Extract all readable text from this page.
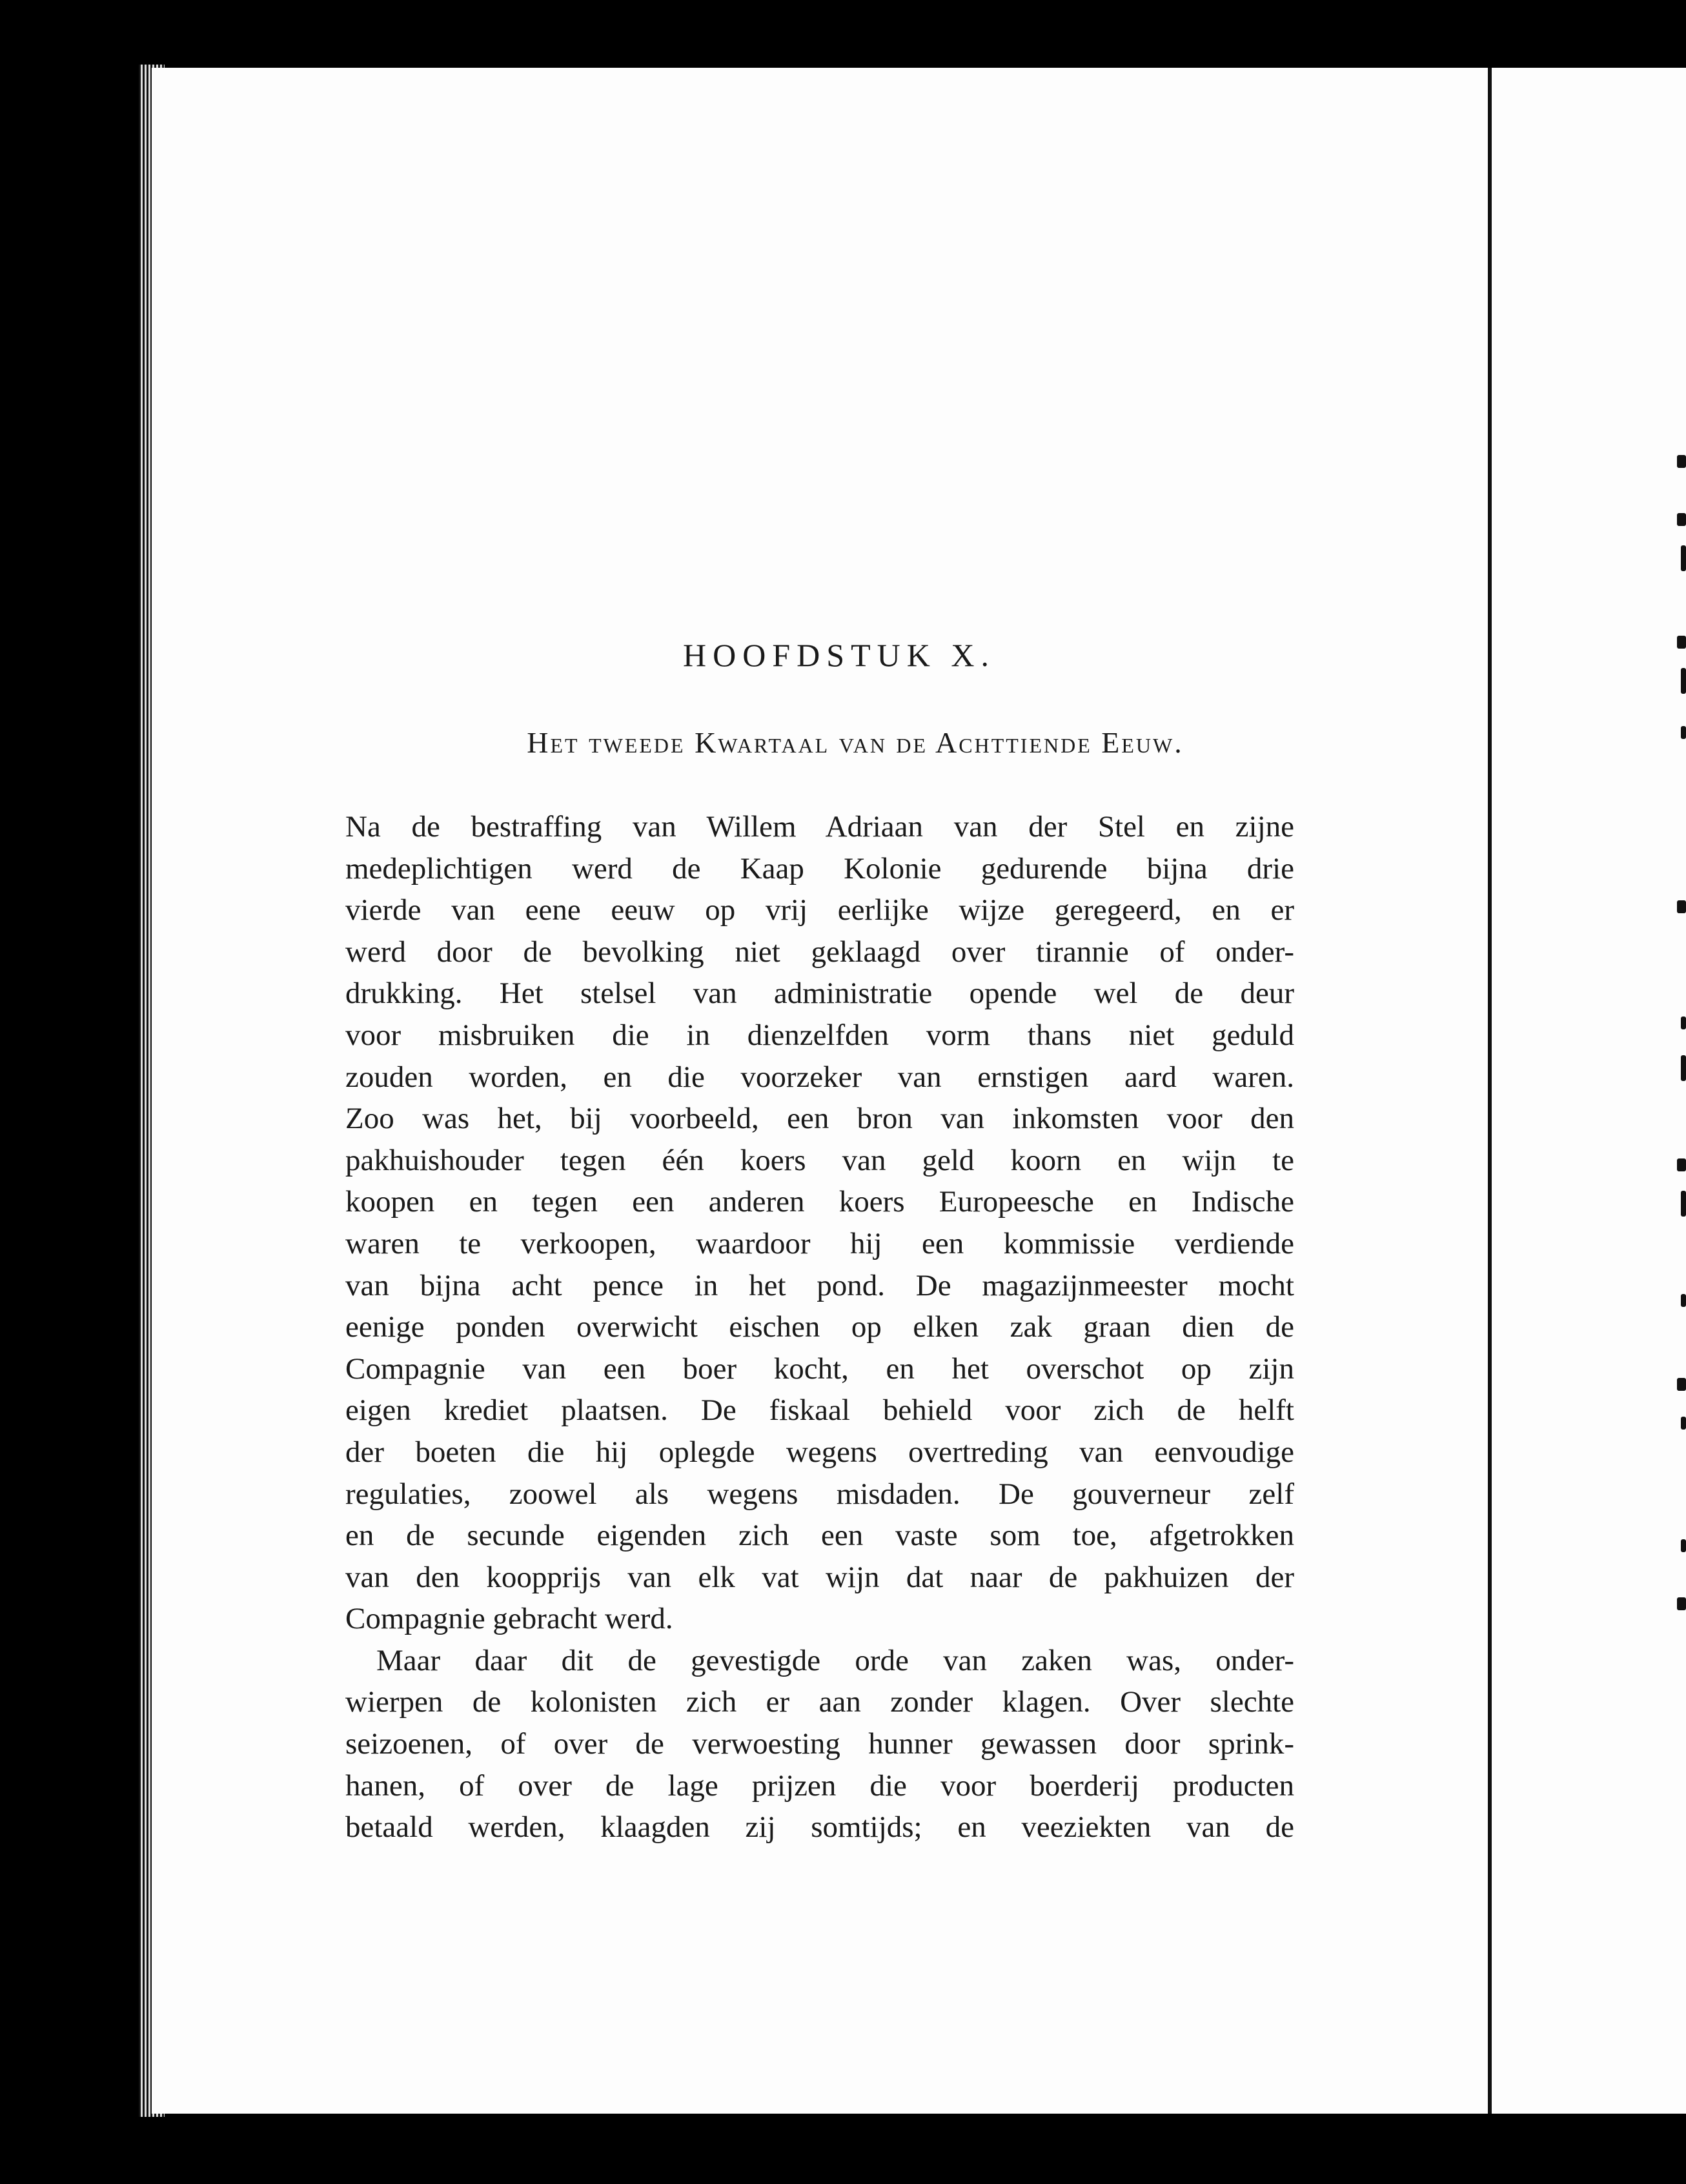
HOOFDSTUK X.
Het tweede Kwartaal van de Achttiende Eeuw.

Na de bestraffing van Willem Adriaan van der Stel en zijne
medeplichtigen werd de Kaap Kolonie gedurende bijna drie
vierde van eene eeuw op vrij eerlijke wijze geregeerd, en er
werd door de bevolking niet geklaagd over tirannie of onder-
drukking. Het stelsel van administratie opende wel de deur
voor misbruiken die in dienzelfden vorm thans niet geduld
zouden worden, en die voorzeker van ernstigen aard waren.
Zoo was het, bij voorbeeld, een bron van inkomsten voor den
pakhuishouder tegen één koers van geld koorn en wijn te
koopen en tegen een anderen koers Europeesche en Indische
waren te verkoopen, waardoor hij een kommissie verdiende
van bijna acht pence in het pond. De magazijnmeester mocht
eenige ponden overwicht eischen op elken zak graan dien de
Compagnie van een boer kocht, en het overschot op zijn
eigen krediet plaatsen. De fiskaal behield voor zich de helft
der boeten die hij oplegde wegens overtreding van eenvoudige
regulaties, zoowel als wegens misdaden. De gouverneur zelf
en de secunde eigenden zich een vaste som toe, afgetrokken
van den koopprijs van elk vat wijn dat naar de pakhuizen der
Compagnie gebracht werd.

Maar daar dit de gevestigde orde van zaken was, onder-
wierpen de kolonisten zich er aan zonder klagen. Over slechte
seizoenen, of over de verwoesting hunner gewassen door sprink-
hanen, of over de lage prijzen die voor boerderij producten
betaald werden, klaagden zij somtijds; en veeziekten van de
